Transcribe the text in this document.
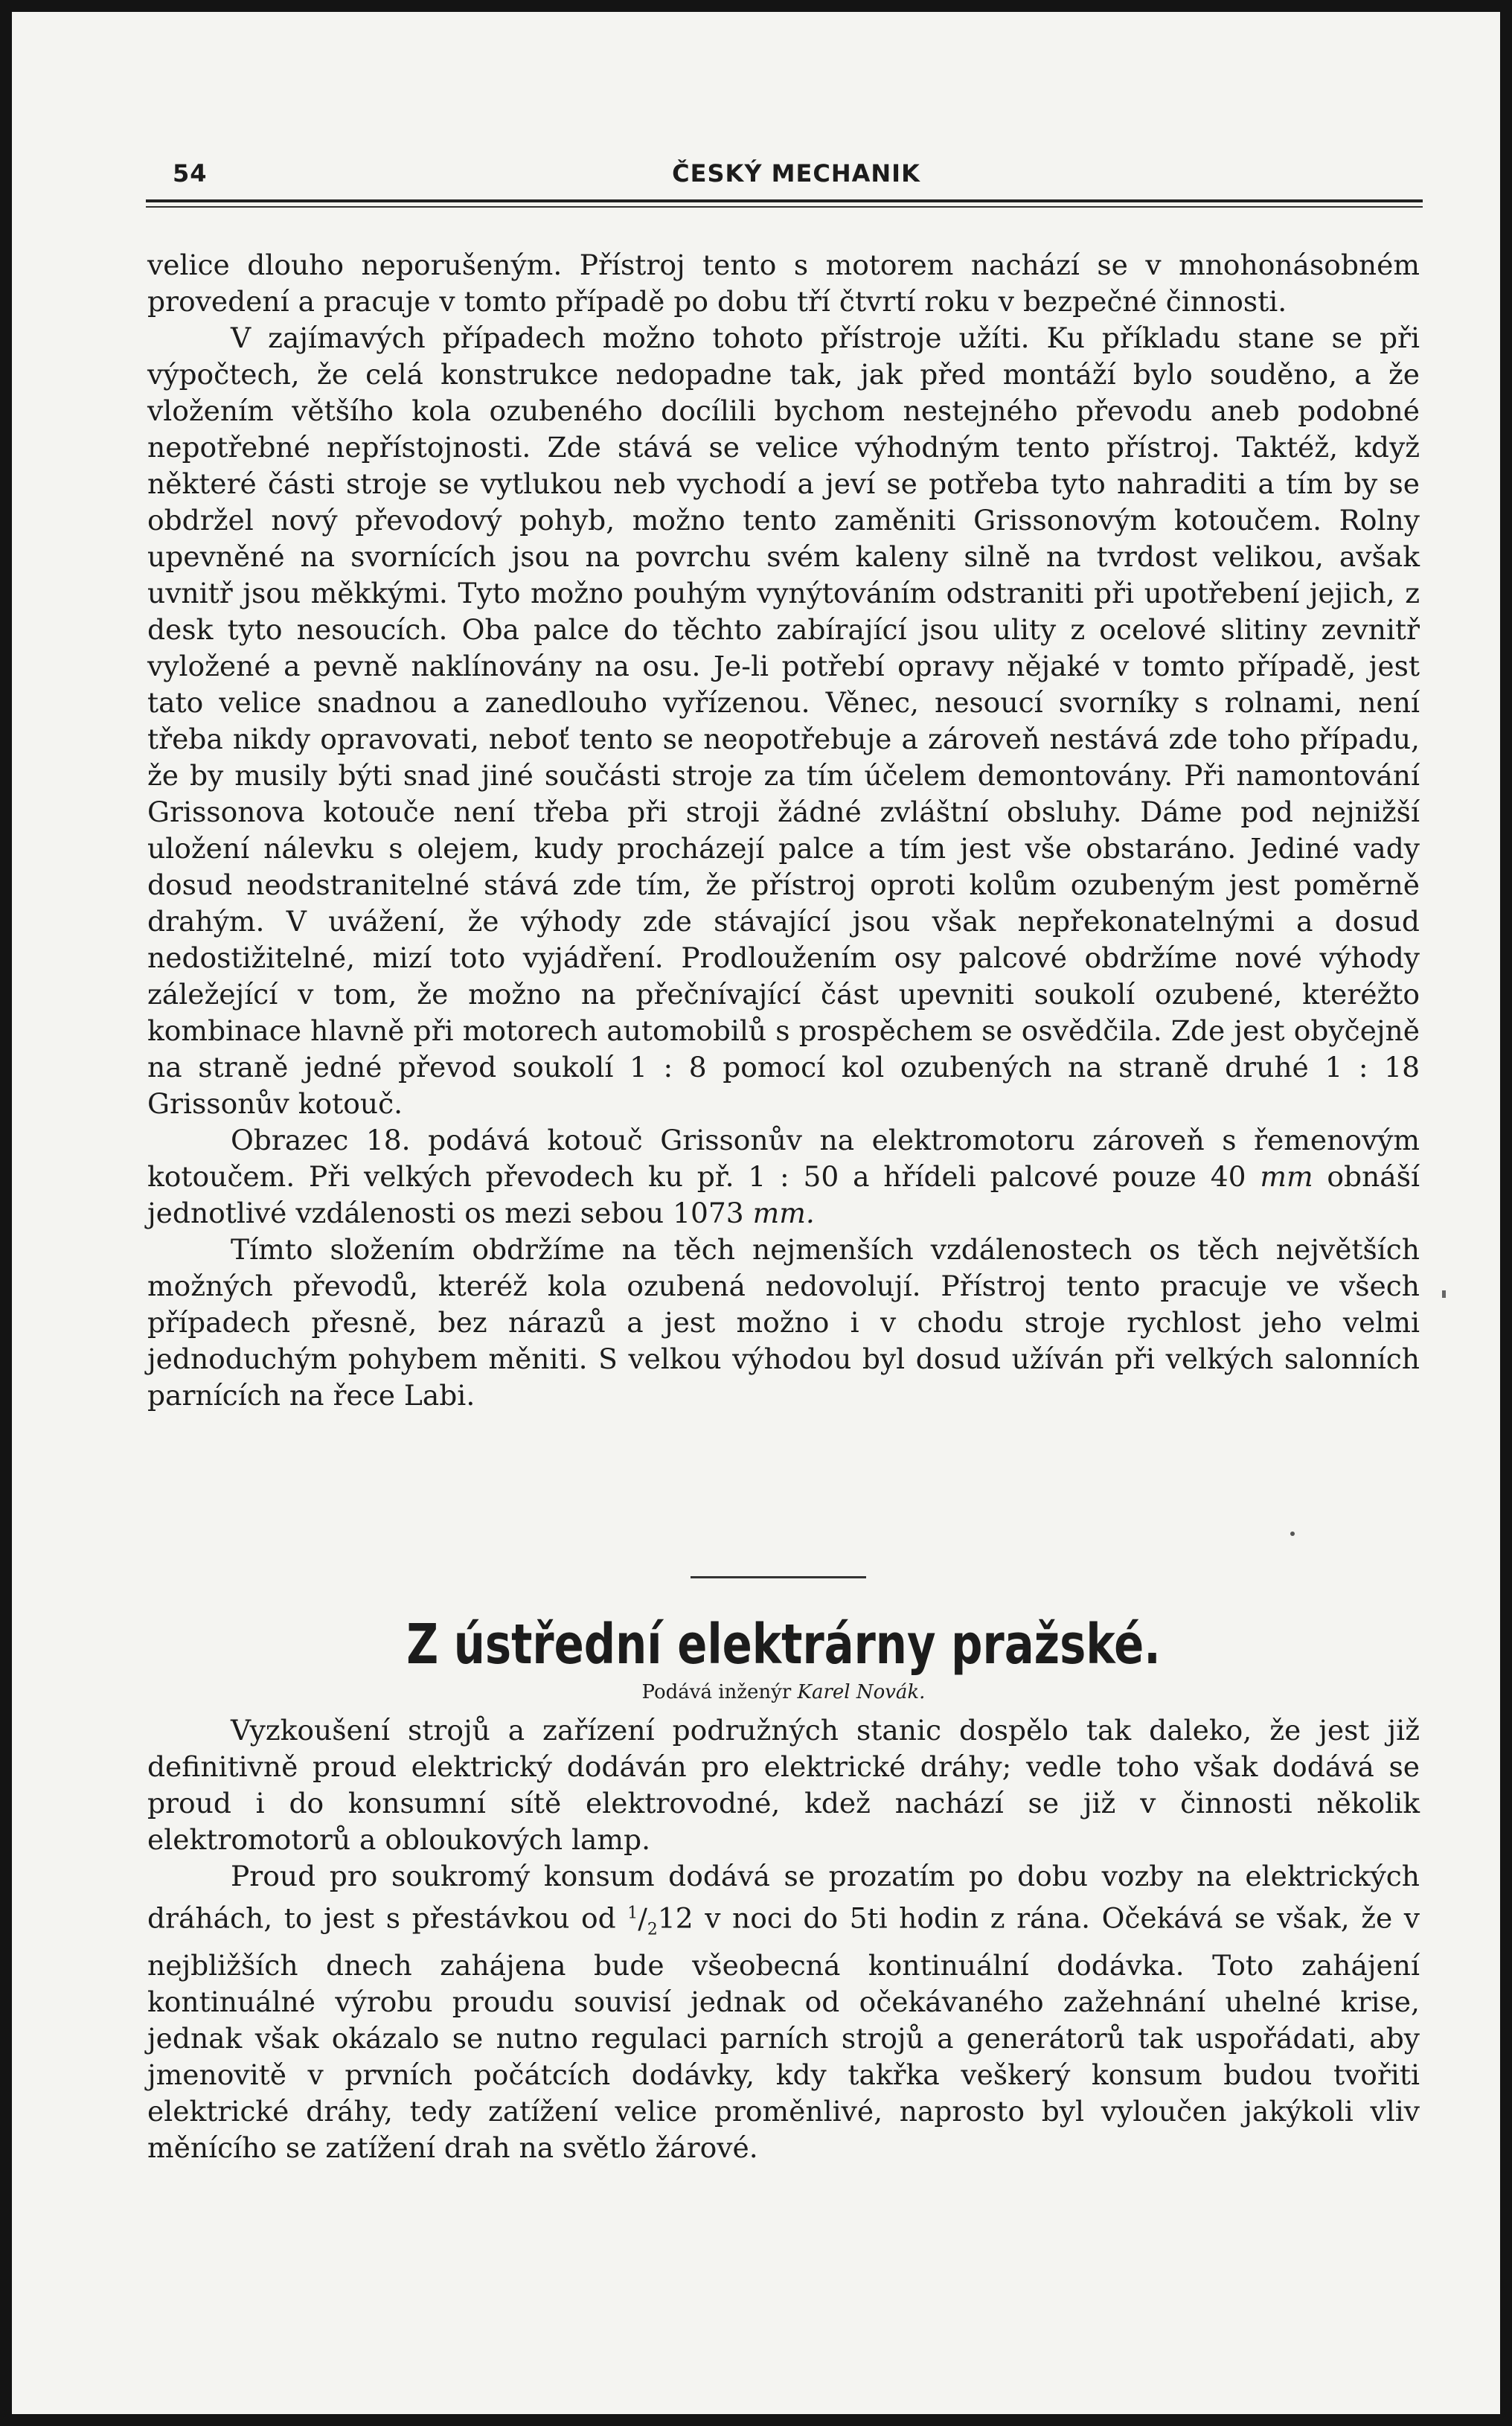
54	ČESKÝ MECHANIK

velice dlouho neporušeným. Přístroj tento s motorem nachází se v mnohonásobném provedení a pracuje v tomto případě po dobu tří čtvrtí roku v bezpečné činnosti.

V zajímavých případech možno tohoto přístroje užíti. Ku příkladu stane se při výpočtech, že celá konstrukce nedopadne tak, jak před montáží bylo souděno, a že vložením většího kola ozubeného docílili bychom nestejného převodu aneb podobné nepotřebné nepřístojnosti. Zde stává se velice výhodným tento přístroj. Taktéž, když některé části stroje se vytlukou neb vychodí a jeví se potřeba tyto nahraditi a tím by se obdržel nový převodový pohyb, možno tento zaměniti Grissonovým kotoučem. Rolny upevněné na svornících jsou na povrchu svém kaleny silně na tvrdost velikou, avšak uvnitř jsou měkkými. Tyto možno pouhým vynýtováním odstraniti při upotřebení jejich, z desk tyto nesoucích. Oba palce do těchto zabírající jsou ulity z ocelové slitiny zevnitř vyložené a pevně naklínovány na osu. Je-li potřebí opravy nějaké v tomto případě, jest tato velice snadnou a zanedlouho vyřízenou. Věnec, nesoucí svorníky s rolnami, není třeba nikdy opravovati, neboť tento se neopotřebuje a zároveň nestává zde toho případu, že by musily býti snad jiné součásti stroje za tím účelem demontovány. Při namontování Grissonova kotouče není třeba při stroji žádné zvláštní obsluhy. Dáme pod nejnižší uložení nálevku s olejem, kudy procházejí palce a tím jest vše obstaráno. Jediné vady dosud neodstranitelné stává zde tím, že přístroj oproti kolům ozubeným jest poměrně drahým. V uvážení, že výhody zde stávající jsou však nepřekonatelnými a dosud nedostižitelné, mizí toto vyjádření. Prodloužením osy palcové obdržíme nové výhody záležející v tom, že možno na přečnívající část upevniti soukolí ozubené, kteréžto kombinace hlavně při motorech automobilů s prospěchem se osvědčila. Zde jest obyčejně na straně jedné převod soukolí 1 : 8 pomocí kol ozubených na straně druhé 1 : 18 Grissonův kotouč.

Obrazec 18. podává kotouč Grissonův na elektromotoru zároveň s řemenovým kotoučem. Při velkých převodech ku př. 1 : 50 a hřídeli palcové pouze 40 mm obnáší jednotlivé vzdálenosti os mezi sebou 1073 mm.

Tímto složením obdržíme na těch nejmenších vzdálenostech os těch největších možných převodů, kteréž kola ozubená nedovolují. Přístroj tento pracuje ve všech případech přesně, bez nárazů a jest možno i v chodu stroje rychlost jeho velmi jednoduchým pohybem měniti. S velkou výhodou byl dosud užíván při velkých salonních parnících na řece Labi.

Z ústřední elektrárny pražské.
Podává inženýr Karel Novák.

Vyzkoušení strojů a zařízení podružných stanic dospělo tak daleko, že jest již definitivně proud elektrický dodáván pro elektrické dráhy; vedle toho však dodává se proud i do konsumní sítě elektrovodné, kdež nachází se již v činnosti několik elektromotorů a obloukových lamp.

Proud pro soukromý konsum dodává se prozatím po dobu vozby na elektrických dráhách, to jest s přestávkou od $^1/_212$ v noci do 5ti hodin z rána. Očekává se však, že v nejbližších dnech zahájena bude všeobecná kontinuální dodávka. Toto zahájení kontinuálné výrobu proudu souvisí jednak od očekávaného zažehnání uhelné krise, jednak však okázalo se nutno regulaci parních strojů a generátorů tak uspořádati, aby jmenovitě v prvních počátcích dodávky, kdy takřka veškerý konsum budou tvořiti elektrické dráhy, tedy zatížení velice proměnlivé, naprosto byl vyloučen jakýkoli vliv měnícího se zatížení drah na světlo žárové.
